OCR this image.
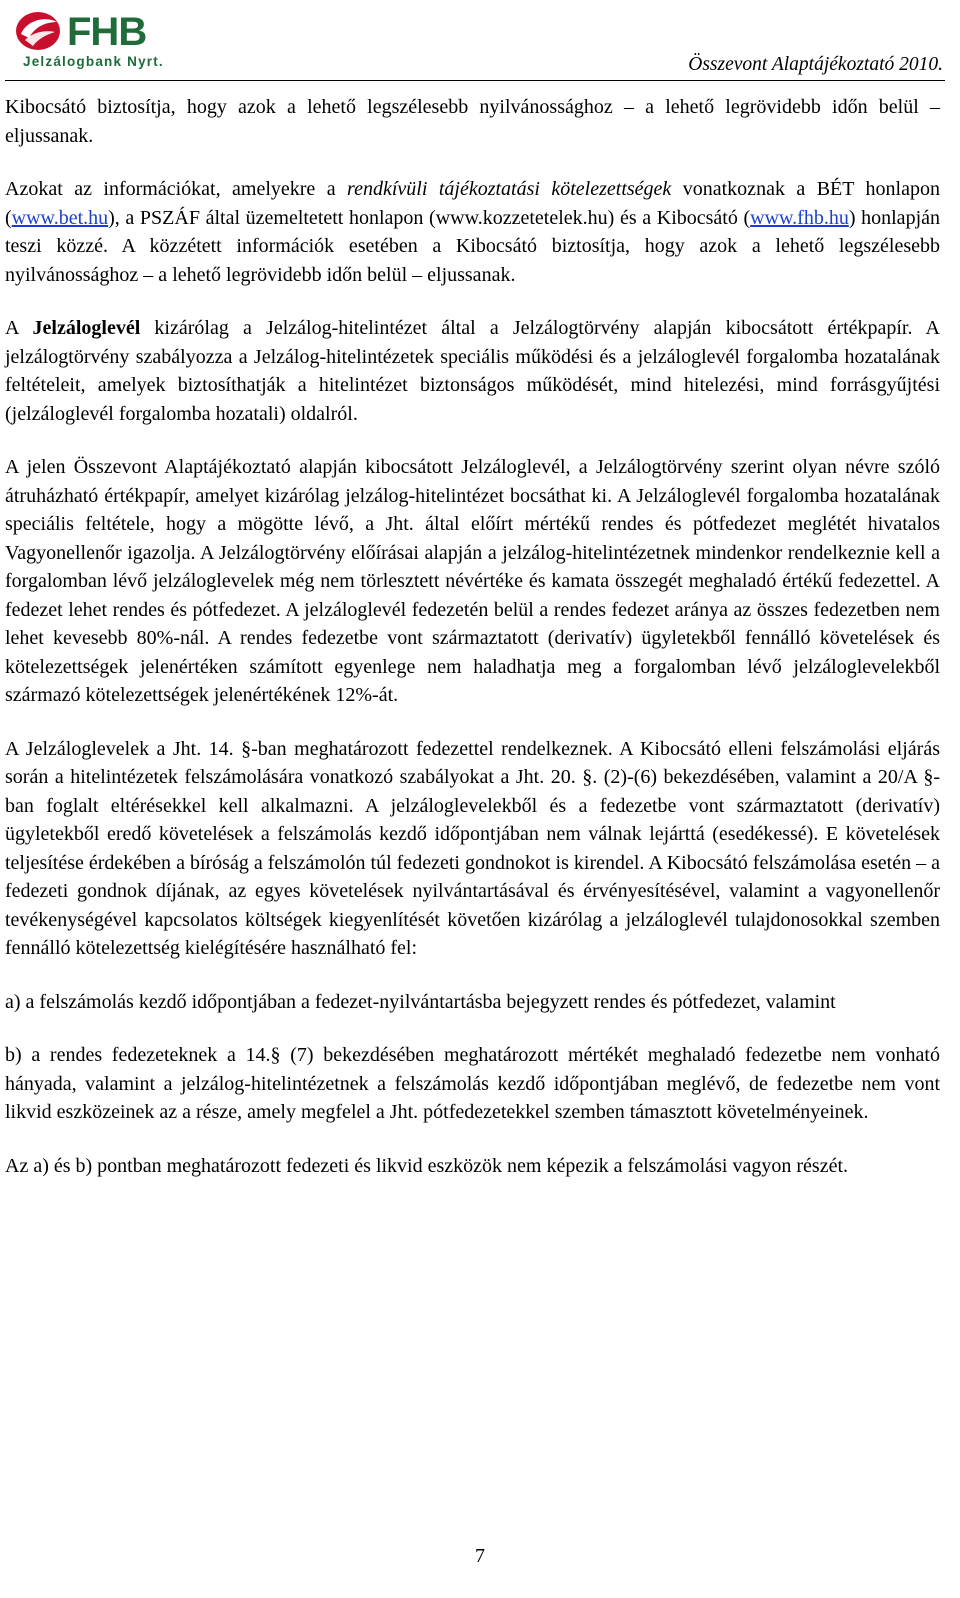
FHB
Jelzálogbank Nyrt.	Összevont Alaptájékoztató 2010.

Kibocsátó biztosítja, hogy azok a lehető legszélesebb nyilvánossághoz – a lehető legrövidebb időn belül – eljussanak.

Azokat az információkat, amelyekre a rendkívüli tájékoztatási kötelezettségek vonatkoznak a BÉT honlapon (www.bet.hu), a PSZÁF által üzemeltetett honlapon (www.kozzetetelek.hu) és a Kibocsátó (www.fhb.hu) honlapján teszi közzé. A közzétett információk esetében a Kibocsátó biztosítja, hogy azok a lehető legszélesebb nyilvánossághoz – a lehető legrövidebb időn belül – eljussanak.

A Jelzáloglevél kizárólag a Jelzálog-hitelintézet által a Jelzálogtörvény alapján kibocsátott értékpapír. A jelzálogtörvény szabályozza a Jelzálog-hitelintézetek speciális működési és a jelzáloglevél forgalomba hozatalának feltételeit, amelyek biztosíthatják a hitelintézet biztonságos működését, mind hitelezési, mind forrásgyűjtési (jelzáloglevél forgalomba hozatali) oldalról.

A jelen Összevont Alaptájékoztató alapján kibocsátott Jelzáloglevél, a Jelzálogtörvény szerint olyan névre szóló átruházható értékpapír, amelyet kizárólag jelzálog-hitelintézet bocsáthat ki. A Jelzáloglevél forgalomba hozatalának speciális feltétele, hogy a mögötte lévő, a Jht. által előírt mértékű rendes és pótfedezet meglétét hivatalos Vagyonellenőr igazolja. A Jelzálogtörvény előírásai alapján a jelzálog-hitelintézetnek mindenkor rendelkeznie kell a forgalomban lévő jelzáloglevelek még nem törlesztett névértéke és kamata összegét meghaladó értékű fedezettel. A fedezet lehet rendes és pótfedezet. A jelzáloglevél fedezetén belül a rendes fedezet aránya az összes fedezetben nem lehet kevesebb 80%-nál. A rendes fedezetbe vont származtatott (derivatív) ügyletekből fennálló követelések és kötelezettségek jelenértéken számított egyenlege nem haladhatja meg a forgalomban lévő jelzáloglevelekből származó kötelezettségek jelenértékének 12%-át.

A Jelzáloglevelek a Jht. 14. §-ban meghatározott fedezettel rendelkeznek. A Kibocsátó elleni felszámolási eljárás során a hitelintézetek felszámolására vonatkozó szabályokat a Jht. 20. §. (2)-(6) bekezdésében, valamint a 20/A §-ban foglalt eltérésekkel kell alkalmazni. A jelzáloglevelekből és a fedezetbe vont származtatott (derivatív) ügyletekből eredő követelések a felszámolás kezdő időpontjában nem válnak lejárttá (esedékessé). E követelések teljesítése érdekében a bíróság a felszámolón túl fedezeti gondnokot is kirendel. A Kibocsátó felszámolása esetén – a fedezeti gondnok díjának, az egyes követelések nyilvántartásával és érvényesítésével, valamint a vagyonellenőr tevékenységével kapcsolatos költségek kiegyenlítését követően kizárólag a jelzáloglevél tulajdonosokkal szemben fennálló kötelezettség kielégítésére használható fel:

a) a felszámolás kezdő időpontjában a fedezet-nyilvántartásba bejegyzett rendes és pótfedezet, valamint

b) a rendes fedezeteknek a 14.§ (7) bekezdésében meghatározott mértékét meghaladó fedezetbe nem vonható hányada, valamint a jelzálog-hitelintézetnek a felszámolás kezdő időpontjában meglévő, de fedezetbe nem vont likvid eszközeinek az a része, amely megfelel a Jht. pótfedezetekkel szemben támasztott követelményeinek.

Az a) és b) pontban meghatározott fedezeti és likvid eszközök nem képezik a felszámolási vagyon részét.

7
